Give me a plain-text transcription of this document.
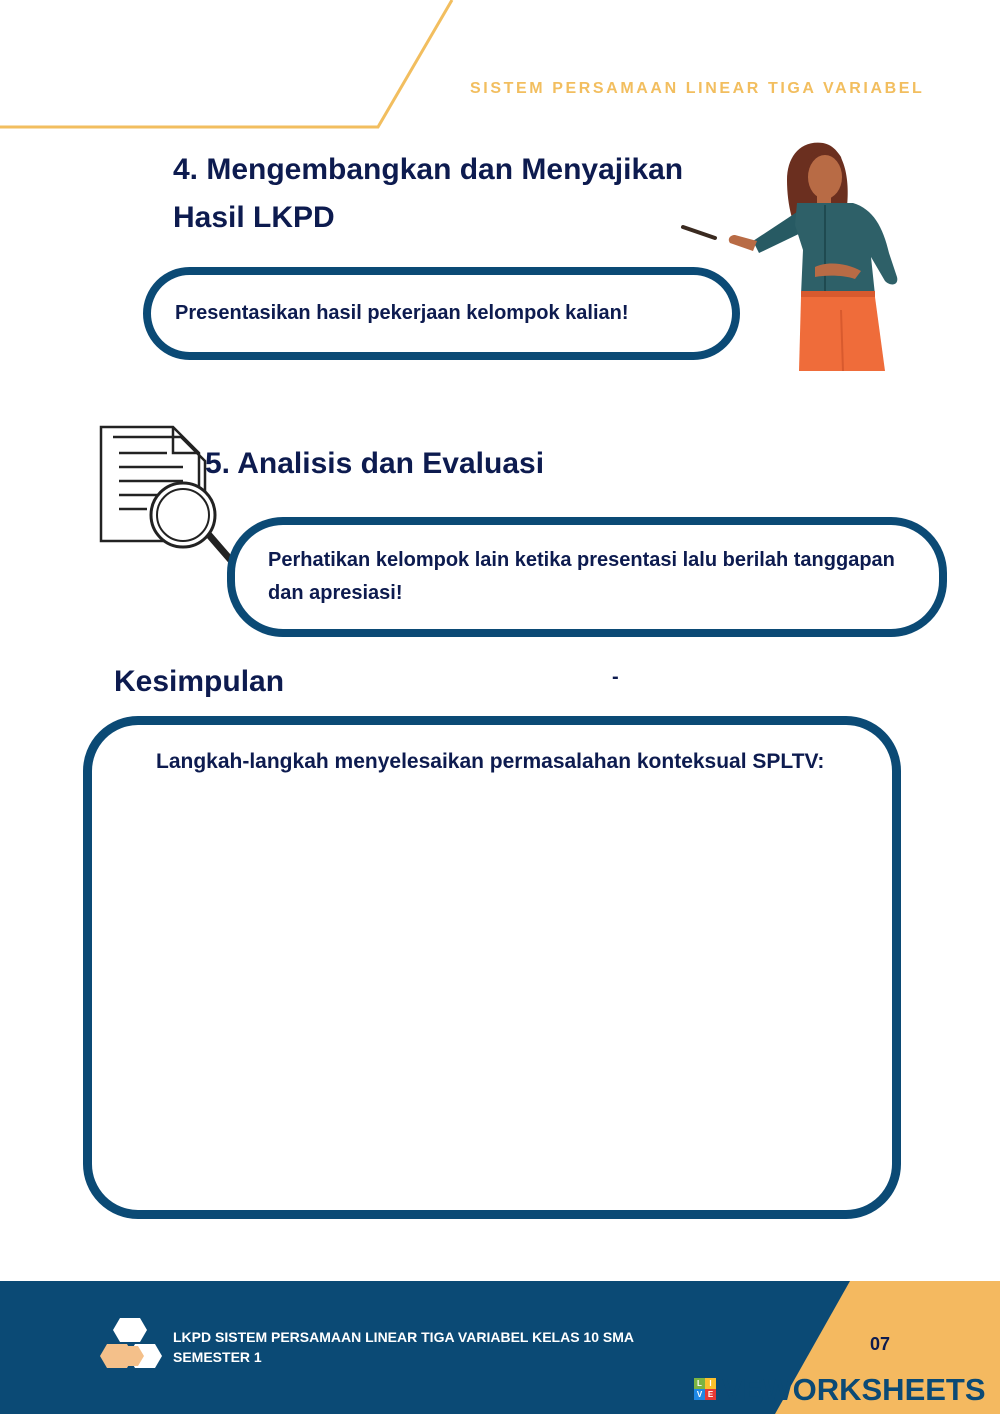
SISTEM PERSAMAAN LINEAR TIGA VARIABEL
4. Mengembangkan dan Menyajikan
Hasil LKPD
Presentasikan hasil pekerjaan kelompok kalian!
5. Analisis dan Evaluasi
Perhatikan kelompok lain ketika presentasi lalu berilah tanggapan
dan apresiasi!
Kesimpulan	-
Langkah-langkah menyelesaikan permasalahan konteksual SPLTV:
LKPD SISTEM PERSAMAAN LINEAR TIGA VARIABEL KELAS 10 SMA
SEMESTER 1
07
L I
V E VEWORKSHEETS
